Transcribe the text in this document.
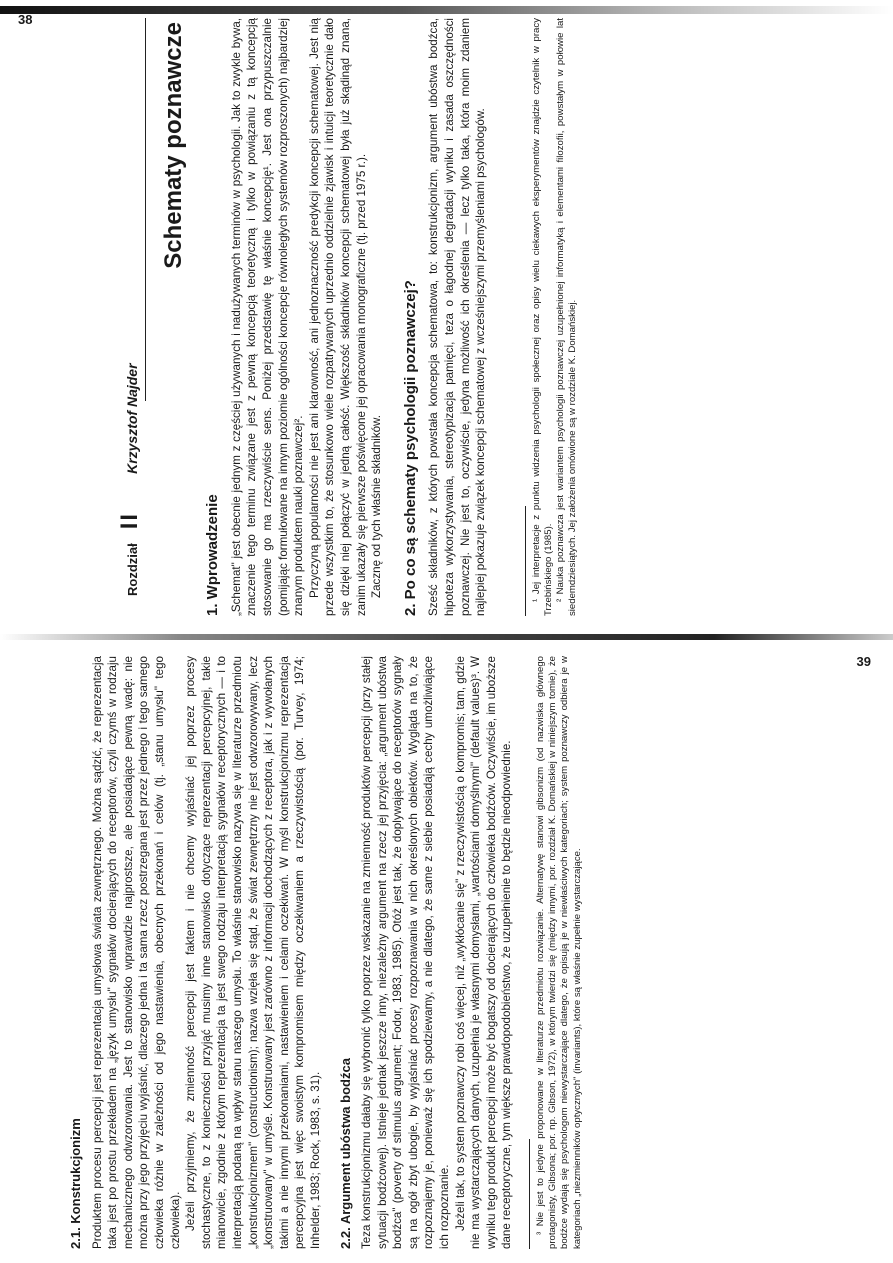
Rozdział
II
Krzysztof Najder
Schematy poznawcze
1. Wprowadzenie „Schemat" jest obecnie jednym z częściej używanych i nadużywanych terminów w psychologii. Jak to zwykle bywa, znaczenie tego terminu związane jest z pewną koncepcją teoretyczną i tylko w powiązaniu z tą koncepcją stosowanie go ma rzeczywiście sens. Poniżej przedstawię tę właśnie koncepcję¹. Jest ona przypuszczalnie (pomijając formułowane na innym poziomie ogólności koncepcje równoległych systemów rozproszonych) najbardziej znanym produktem nauki poznawczej². Przyczyną popularności nie jest ani klarowność, ani jednoznaczność predykcji koncepcji schematowej. Jest nią przede wszystkim to, że stosunkowo wiele rozpatrywanych uprzednio oddzielnie zjawisk i intuicji teoretycznie dało się dzięki niej połączyć w jedną całość. Większość składników koncepcji schematowej była już skądinąd znana, zanim ukazały się pierwsze poświęcone jej opracowania monograficzne (tj. przed 1975 r.). Zacznę od tych właśnie składników. 2. Po co są schematy psychologii poznawczej? Sześć składników, z których powstała koncepcja schematowa, to: konstrukcjonizm, argument ubóstwa bodźca, hipoteza wykorzystywania, stereotypizacja pamięci, teza o łagodnej degradacji wyniku i zasada oszczędności poznawczej. Nie jest to, oczywiście, jedyna możliwość ich określenia — lecz tylko taka, która moim zdaniem najlepiej pokazuje związek koncepcji schematowej z wcześniejszymi przemyśleniami psychologów.	¹ Jej interpretacje z punktu widzenia psychologii społecznej oraz opisy wielu ciekawych eksperymentów znajdzie czytelnik w pracy Trzebińskiego (1985). ² Nauka poznawcza jest wariantem psychologii poznawczej uzupełnionej informatyką i elementami filozofii, powstałym w połowie lat siedemdziesiątych. Jej założenia omówione są w rozdziale K. Domańskiej.

38
2.1. Konstrukcjonizm Produktem procesu percepcji jest reprezentacja umysłowa świata zewnętrznego. Można sądzić, że reprezentacja taka jest po prostu przekładem na „język umysłu" sygnałów docierających do receptorów, czyli czymś w rodzaju mechanicznego odwzorowania. Jest to stanowisko wprawdzie najprostsze, ale posiadające pewną wadę: nie można przy jego przyjęciu wyjaśnić, dlaczego jedna i ta sama rzecz postrzegana jest przez jednego i tego samego człowieka różnie w zależności od jego nastawienia, obecnych przekonań i celów (tj. „stanu umysłu" tego człowieka). Jeżeli przyjmiemy, że zmienność percepcji jest faktem i nie chcemy wyjaśniać jej poprzez procesy stochastyczne, to z konieczności przyjąć musimy inne stanowisko dotyczące reprezentacji percepcyjnej, takie mianowicie, zgodnie z którym reprezentacja ta jest swego rodzaju interpretacją sygnałów receptorycznych — i to interpretacją podaną na wpływ stanu naszego umysłu. To właśnie stanowisko nazywa się w literaturze przedmiotu „konstrukcjonizmem" (constructionism); nazwa wzięła się stąd, że świat zewnętrzny nie jest odwzorowywany, lecz „konstruowany" w umyśle. Konstruowany jest zarówno z informacji dochodzących z receptora, jak i z wywołanych takimi a nie innymi przekonaniami, nastawieniem i celami oczekiwań. W myśl konstrukcjonizmu reprezentacja percepcyjna jest więc swoistym kompromisem między oczekiwaniem a rzeczywistością (por. Turvey, 1974; Inhelder, 1983; Rock, 1983, s. 31). 2.2. Argument ubóstwa bodźca Teza konstrukcjonizmu dałaby się wybronić tylko poprzez wskazanie na zmienność produktów percepcji (przy stałej sytuacji bodźcowej). Istnieje jednak jeszcze inny, niezależny argument na rzecz jej przyjęcia: „argument ubóstwa bodźca" (poverty of stimulus argument; Fodor, 1983, 1985). Otóż jest tak, że doplywające do receptorów sygnały są na ogół zbyt ubogie, by wyjaśniać procesy rozpoznawania w nich określonych obiektów. Wygląda na to, że rozpoznajemy je, ponieważ się ich spodziewamy, a nie dlatego, że same z siebie posiadają cechy umożliwiające ich rozpoznanie. Jeżeli tak, to system poznawczy robi coś więcej, niż „wykłócanie się" z rzeczywistością o kompromis; tam, gdzie nie ma wystarczających danych, uzupełnia je własnymi domysłami, „wartościami domyślnymi" (default values)³. W wyniku tego produkt percepcji może być bogatszy od docierających do człowieka bodźców. Oczywiście, im uboższe dane receptoryczne, tym większe prawdopodobieństwo, że uzupełnienie to będzie nieodpowiednie. ³ Nie jest to jedyne proponowane w literaturze przedmiotu rozwiązanie. Alternatywę stanowi gibsonizm (od nazwiska głównego protagonisty, Gibsona; por. np. Gibson, 1972), w którym twierdzi się (między innymi, por. rozdział K. Domańskiej w niniejszym tomie), że bodźce wydają się psychologom niewystarczające dlatego, że opisują je w niewłaściwych kategoriach; system poznawczy odbiera je w kategoriach „niezmienników optycznych" (invariants), które są właśnie zupełnie wystarczające.

39
